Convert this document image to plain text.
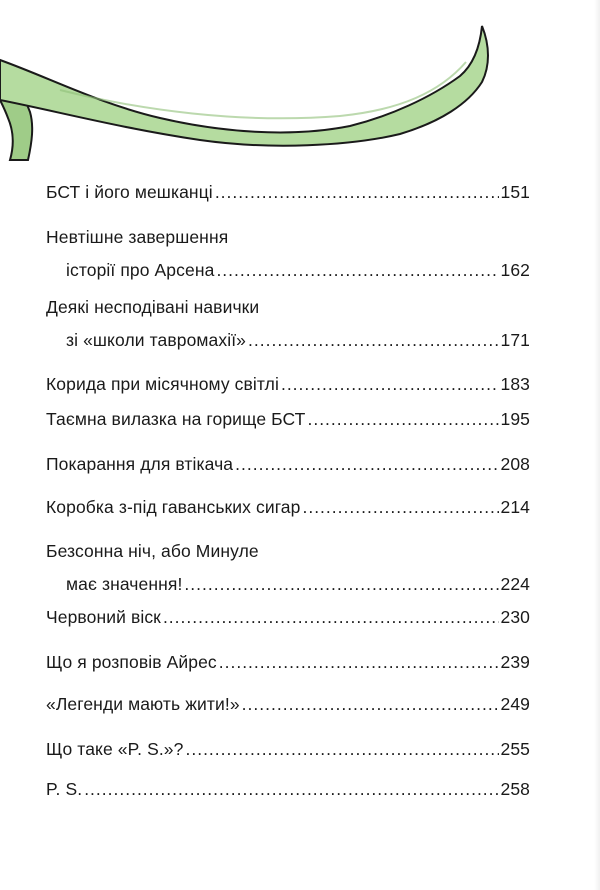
БСТ і його мешканці .....	151
Невтішне завершення
історії про Арсена .....	162
Деякі несподівані навички
зі «школи тавромахії» .....	171
Корида при місячному світлі .....	183
Таємна вилазка на горище БСТ .....	195
Покарання для втікача .....	208
Коробка з-під гаванських сигар .....	214
Безсонна ніч, або Минуле
має значення! .....	224
Червоний віск .....	230
Що я розповів Айрес .....	239
«Легенди мають жити!» .....	249
Що таке «P. S.»? .....	255
P. S. .....	258
